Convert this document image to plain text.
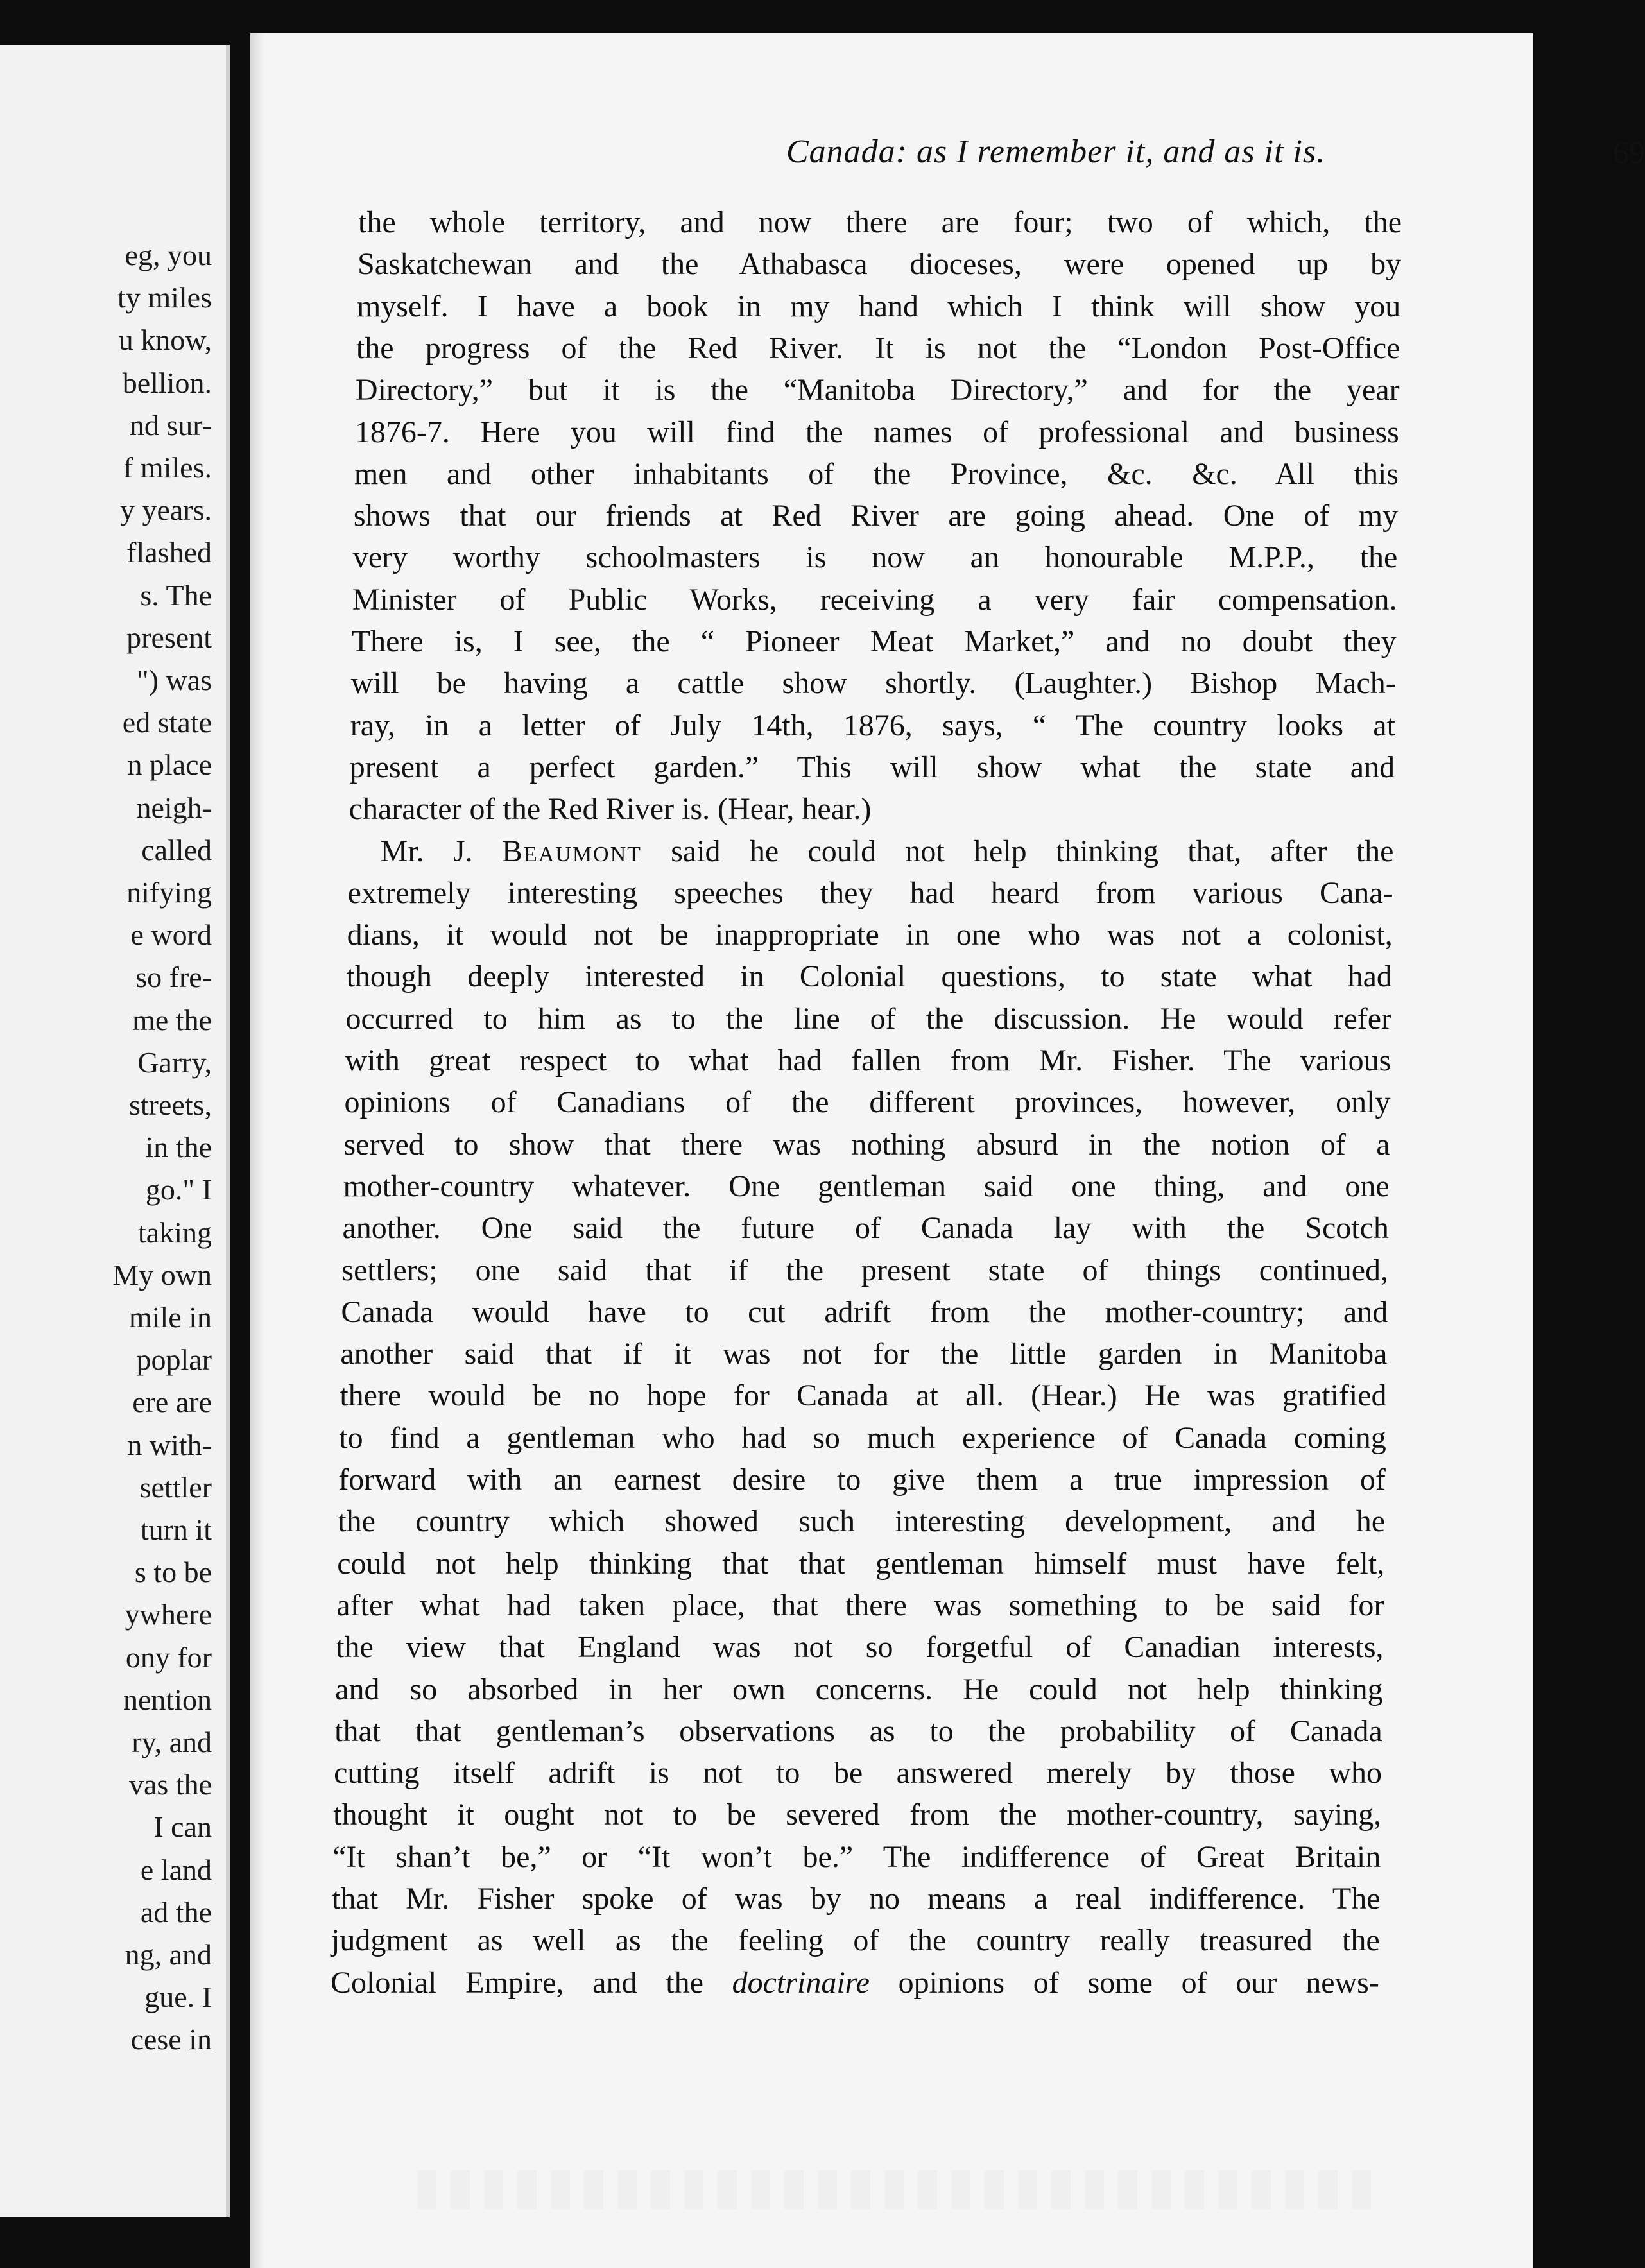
eg, you
ty miles
u know,
bellion.
nd sur-
f miles.
y years.
flashed
s. The
present
") was
ed state
n place
neigh-
called
nifying
e word
so fre-
me the
Garry,
streets,
in the
go." I
taking
My own
mile in
poplar
ere are
n with-
settler
turn it
s to be
ywhere
ony for
nention
ry, and
vas the
I can
e land
ad the
ng, and
gue. I
cese in
Canada: as I remember it, and as it is.	69
the whole territory, and now there are four; two of which, the
Saskatchewan and the Athabasca dioceses, were opened up by
myself. I have a book in my hand which I think will show you
the progress of the Red River. It is not the “London Post-Office
Directory,” but it is the “Manitoba Directory,” and for the year
1876-7. Here you will find the names of professional and business
men and other inhabitants of the Province, &c. &c. All this
shows that our friends at Red River are going ahead. One of my
very worthy schoolmasters is now an honourable M.P.P., the
Minister of Public Works, receiving a very fair compensation.
There is, I see, the “ Pioneer Meat Market,” and no doubt they
will be having a cattle show shortly. (Laughter.) Bishop Mach-
ray, in a letter of July 14th, 1876, says, “ The country looks at
present a perfect garden.” This will show what the state and
character of the Red River is. (Hear, hear.)
Mr. J. Beaumont said he could not help thinking that, after the
extremely interesting speeches they had heard from various Cana-
dians, it would not be inappropriate in one who was not a colonist,
though deeply interested in Colonial questions, to state what had
occurred to him as to the line of the discussion. He would refer
with great respect to what had fallen from Mr. Fisher. The various
opinions of Canadians of the different provinces, however, only
served to show that there was nothing absurd in the notion of a
mother-country whatever. One gentleman said one thing, and one
another. One said the future of Canada lay with the Scotch
settlers; one said that if the present state of things continued,
Canada would have to cut adrift from the mother-country; and
another said that if it was not for the little garden in Manitoba
there would be no hope for Canada at all. (Hear.) He was gratified
to find a gentleman who had so much experience of Canada coming
forward with an earnest desire to give them a true impression of
the country which showed such interesting development, and he
could not help thinking that that gentleman himself must have felt,
after what had taken place, that there was something to be said for
the view that England was not so forgetful of Canadian interests,
and so absorbed in her own concerns. He could not help thinking
that that gentleman’s observations as to the probability of Canada
cutting itself adrift is not to be answered merely by those who
thought it ought not to be severed from the mother-country, saying,
“It shan’t be,” or “It won’t be.” The indifference of Great Britain
that Mr. Fisher spoke of was by no means a real indifference. The
judgment as well as the feeling of the country really treasured the
Colonial Empire, and the doctrinaire opinions of some of our news-
